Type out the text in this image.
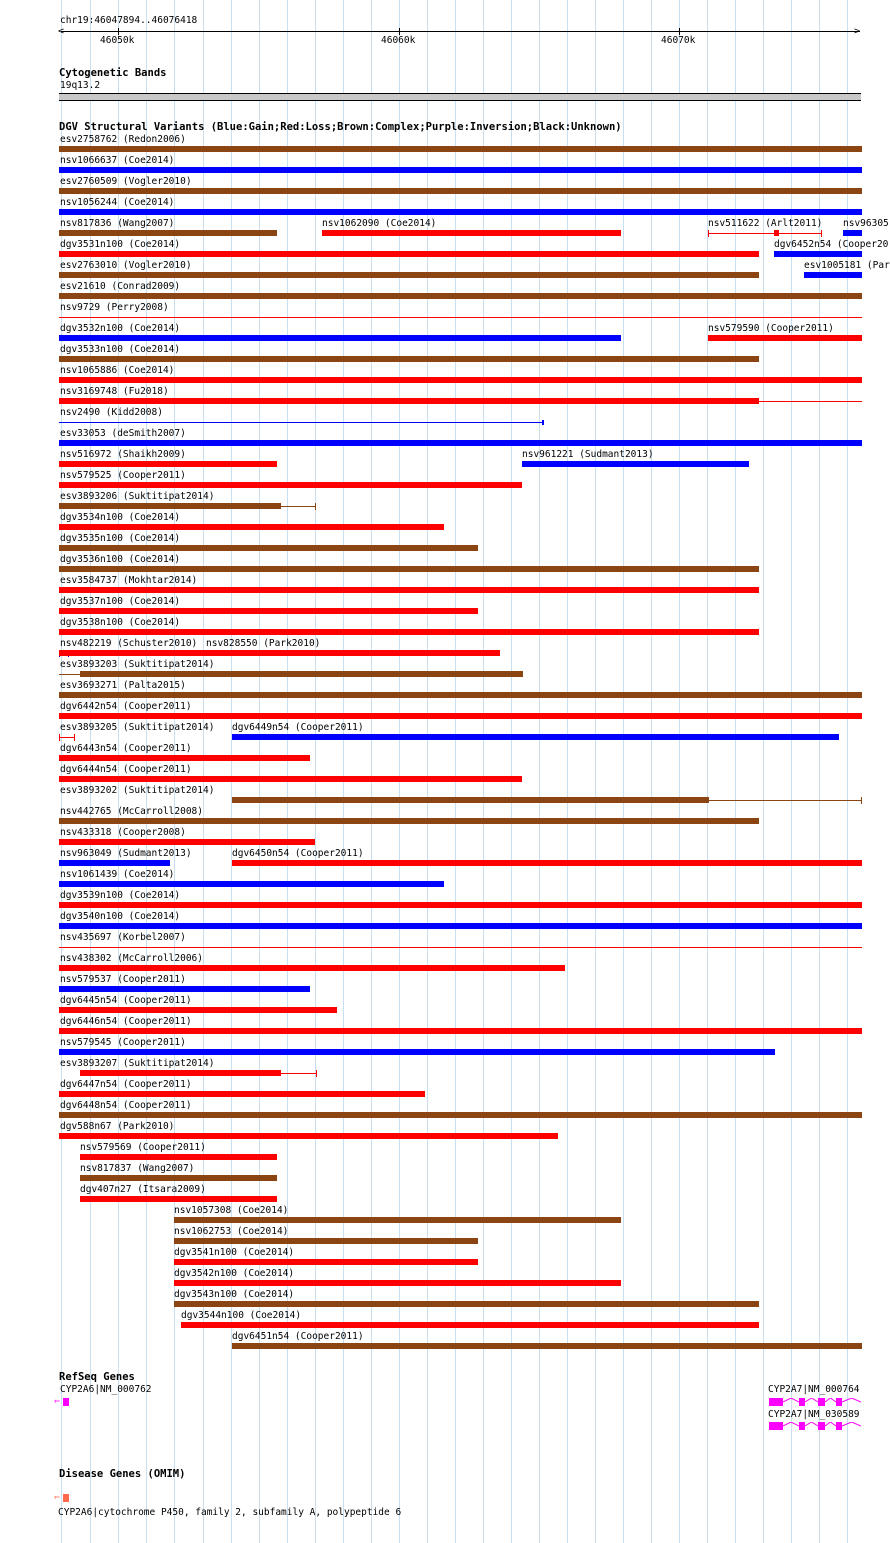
chr19:46047894..46076418
<	>
46050k	46060k	46070k
Cytogenetic Bands
19q13.2
DGV Structural Variants (Blue:Gain;Red:Loss;Brown:Complex;Purple:Inversion;Black:Unknown)
esv2758762 (Redon2006)
nsv1066637 (Coe2014)
esv2760509 (Vogler2010)
nsv1056244 (Coe2014)
nsv817836 (Wang2007)	nsv1062090 (Coe2014)	nsv511622 (Arlt2011) nsv96305
dgv3531n100 (Coe2014)	dgv6452n54 (Cooper20
esv2763010 (Vogler2010)	esv1005181 (Par
esv21610 (Conrad2009)
nsv9729 (Perry2008)
dgv3532n100 (Coe2014)	nsv579590 (Cooper2011)
dgv3533n100 (Coe2014)
nsv1065886 (Coe2014)
nsv3169748 (Fu2018)
nsv2490 (Kidd2008)
esv33053 (deSmith2007)
nsv516972 (Shaikh2009)	nsv961221 (Sudmant2013)
nsv579525 (Cooper2011)
esv3893206 (Suktitipat2014)
dgv3534n100 (Coe2014)
dgv3535n100 (Coe2014)
dgv3536n100 (Coe2014)
esv3584737 (Mokhtar2014)
dgv3537n100 (Coe2014)
dgv3538n100 (Coe2014)
nsv482219 (Schuster2010) nsv828550 (Park2010)
esv3893203 (Suktitipat2014)
esv3693271 (Palta2015)
dgv6442n54 (Cooper2011)
esv3893205 (Suktitipat2014) dgv6449n54 (Cooper2011)
dgv6443n54 (Cooper2011)
dgv6444n54 (Cooper2011)
esv3893202 (Suktitipat2014)
nsv442765 (McCarroll2008)
nsv433318 (Cooper2008)
nsv963049 (Sudmant2013)	dgv6450n54 (Cooper2011)
nsv1061439 (Coe2014)
dgv3539n100 (Coe2014)
dgv3540n100 (Coe2014)
nsv435697 (Korbel2007)
nsv438302 (McCarroll2006)
nsv579537 (Cooper2011)
dgv6445n54 (Cooper2011)
dgv6446n54 (Cooper2011)
nsv579545 (Cooper2011)
esv3893207 (Suktitipat2014)
dgv6447n54 (Cooper2011)
dgv6448n54 (Cooper2011)
dgv588n67 (Park2010)
nsv579569 (Cooper2011)
nsv817837 (Wang2007)
dgv407n27 (Itsara2009)
nsv1057308 (Coe2014)
nsv1062753 (Coe2014)
dgv3541n100 (Coe2014)
dgv3542n100 (Coe2014)
dgv3543n100 (Coe2014)
dgv3544n100 (Coe2014)
dgv6451n54 (Cooper2011)
RefSeq Genes
CYP2A6|NM_000762
⇐
CYP2A7|NM_000764
CYP2A7|NM_030589
Disease Genes (OMIM)
⇐
CYP2A6|cytochrome P450, family 2, subfamily A, polypeptide 6
